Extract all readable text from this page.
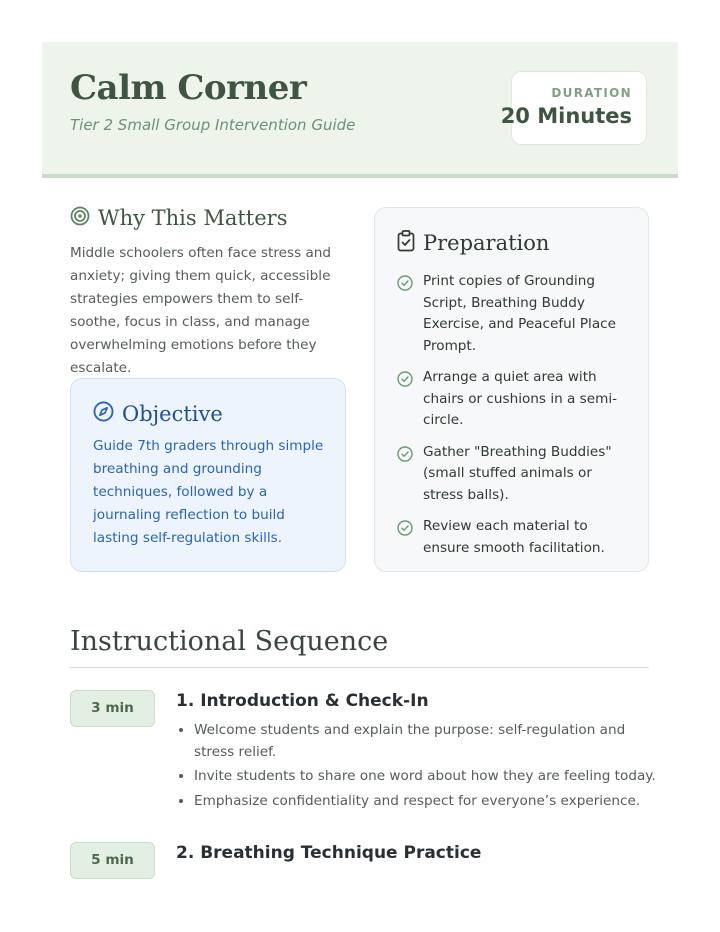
Calm Corner

Tier 2 Small Group Intervention Guide

DURATION
20 Minutes
Why This Matters

Middle schoolers often face stress and anxiety; giving them quick, accessible strategies empowers them to self-soothe, focus in class, and manage overwhelming emotions before they escalate.

Objective

Guide 7th graders through simple breathing and grounding techniques, followed by a journaling reflection to build lasting self-regulation skills.

Preparation
Print copies of Grounding Script, Breathing Buddy Exercise, and Peaceful Place Prompt.
Arrange a quiet area with chairs or cushions in a semi-circle.
Gather "Breathing Buddies" (small stuffed animals or stress balls).
Review each material to ensure smooth facilitation.
Instructional Sequence
3 min	1. Introduction & Check-In
• Welcome students and explain the purpose: self-regulation and stress relief.
• Invite students to share one word about how they are feeling today.
• Emphasize confidentiality and respect for everyone’s experience.
5 min	2. Breathing Technique Practice
